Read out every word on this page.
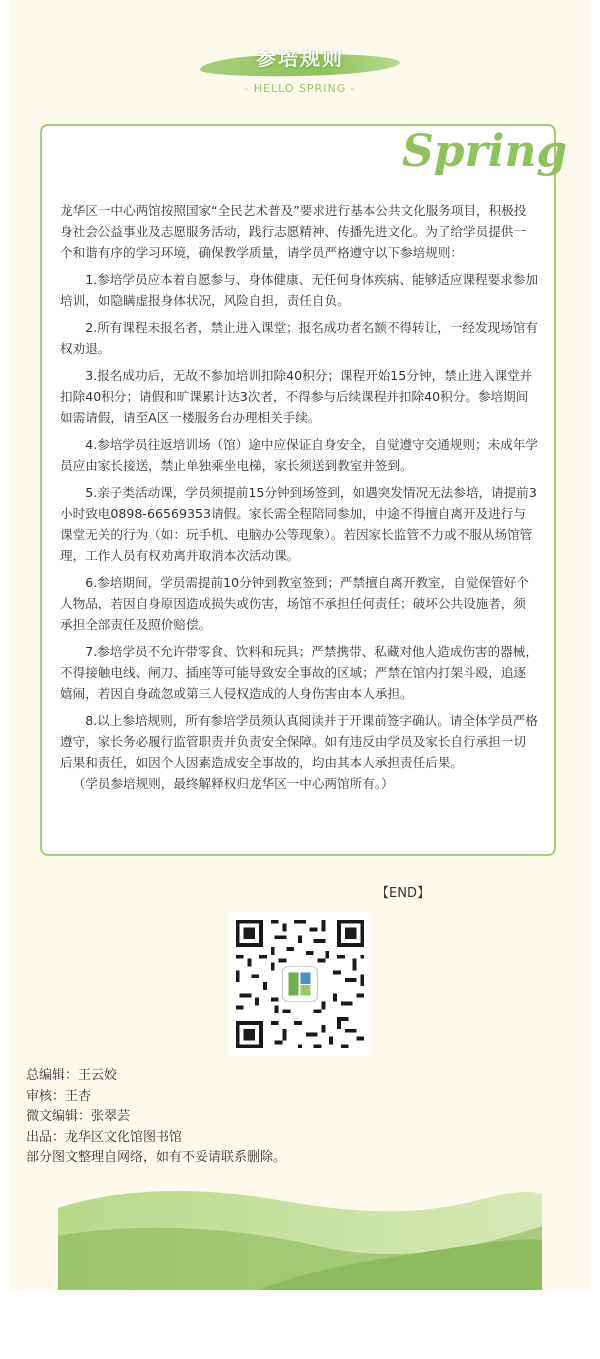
参培规则
- HELLO SPRING -
Spring

龙华区一中心两馆按照国家“全民艺术普及”要求进行基本公共文化服务项目，积极投身社会公益事业及志愿服务活动，践行志愿精神、传播先进文化。为了给学员提供一个和谐有序的学习环境，确保教学质量，请学员严格遵守以下参培规则：

1.参培学员应本着自愿参与、身体健康、无任何身体疾病、能够适应课程要求参加培训，如隐瞒虚报身体状况，风险自担，责任自负。

2.所有课程未报名者，禁止进入课堂；报名成功者名额不得转让，一经发现场馆有权劝退。

3.报名成功后，无故不参加培训扣除40积分；课程开始15分钟，禁止进入课堂并扣除40积分；请假和旷课累计达3次者，不得参与后续课程并扣除40积分。参培期间如需请假，请至A区一楼服务台办理相关手续。

4.参培学员往返培训场（馆）途中应保证自身安全，自觉遵守交通规则；未成年学员应由家长接送，禁止单独乘坐电梯，家长须送到教室并签到。

5.亲子类活动课，学员须提前15分钟到场签到，如遇突发情况无法参培，请提前3小时致电0898-66569353请假。家长需全程陪同参加，中途不得擅自离开及进行与课堂无关的行为（如：玩手机、电脑办公等现象）。若因家长监管不力或不服从场馆管理，工作人员有权劝离并取消本次活动课。

6.参培期间，学员需提前10分钟到教室签到；严禁擅自离开教室，自觉保管好个人物品，若因自身原因造成损失或伤害，场馆不承担任何责任；破坏公共设施者，须承担全部责任及照价赔偿。

7.参培学员不允许带零食、饮料和玩具；严禁携带、私藏对他人造成伤害的器械，不得接触电线、闸刀、插座等可能导致安全事故的区域；严禁在馆内打架斗殴，追逐嬉闹，若因自身疏忽或第三人侵权造成的人身伤害由本人承担。

8.以上参培规则，所有参培学员须认真阅读并于开课前签字确认。请全体学员严格遵守，家长务必履行监管职责并负责安全保障。如有违反由学员及家长自行承担一切后果和责任，如因个人因素造成安全事故的，均由其本人承担责任后果。

（学员参培规则，最终解释权归龙华区一中心两馆所有。）

【END】
总编辑：王云姣
审核：王杏
微文编辑：张翠芸
出品：龙华区文化馆图书馆
部分图文整理自网络，如有不妥请联系删除。
